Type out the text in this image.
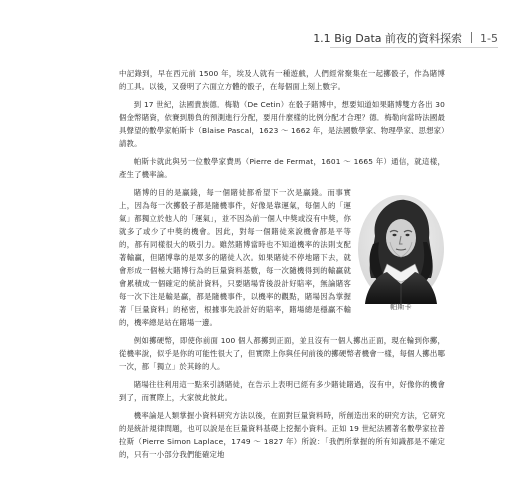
1.1 Big Data 前夜的資料探索 1-5

中記錄到，早在西元前 1500 年，埃及人就有一種遊戲，人們經常聚集在一起擲骰子，作為賭博的工具。以後，又發明了六面立方體的骰子，在每個面上刻上數字。

到 17 世紀，法國貴族德．梅勒（De Cetin）在骰子賭博中，想要知道如果賭博雙方各出 30 個金幣賭資，依賽到勝負的預測進行分配，要用什麼樣的比例分配才合理？德．梅勒向當時法國最具聲望的數學家帕斯卡（Blaise Pascal，1623 ～ 1662 年，是法國數學家、物理學家、思想家）請教。

帕斯卡就此與另一位數學家費馬（Pierre de Fermat，1601 ～ 1665 年）通信，就這樣，產生了機率論。

帕斯卡

賭博的目的是贏錢，每一個賭徒都希望下一次是贏錢。而事實上，因為每一次擲骰子都是隨機事件，好像是靠運氣，每個人的「運氣」都獨立於他人的「運氣」，並不因為前一個人中獎或沒有中獎，你就多了或少了中獎的機會。因此，對每一個賭徒來說機會都是平等的，都有同樣很大的吸引力。雖然賭博當時也不知道機率的法則支配著輸贏，但賭博靠的是眾多的賭徒人次。如果賭徒不停地賭下去，就會形成一個極大賭博行為的巨量資料基數，每一次隨機得到的輸贏就會累積成一個確定的統計資料，只要賭場背後設計好賠率，無論賭客每一次下注是輸是贏，都是隨機事件，以機率的觀點，賭場因為掌握著「巨量資料」的秘密，根據事先設計好的賠率，賭場總是穩贏不輸的，機率總是站在賭場一邊。

例如擲硬幣，即使你前面 100 個人都擲到正面，並且沒有一個人擲出正面，現在輪到你擲，從機率說，似乎是你的可能性很大了，但實際上你與任何前後的擲硬幣者機會一樣，每個人擲出哪一次，都「獨立」於其餘的人。

賭場往往利用這一點來引誘賭徒，在告示上表明已經有多少賭徒賭過，沒有中，好像你的機會到了，而實際上，大家彼此彼此。

機率論是人類掌握小資料研究方法以後，在面對巨量資料時，所創造出來的研究方法，它研究的是統計規律問題，也可以說是在巨量資料基礎上挖掘小資料。正如 19 世紀法國著名數學家拉普拉斯（Pierre Simon Laplace，1749 ～ 1827 年）所說：「我們所掌握的所有知識都是不確定的，只有一小部分我們能確定地
